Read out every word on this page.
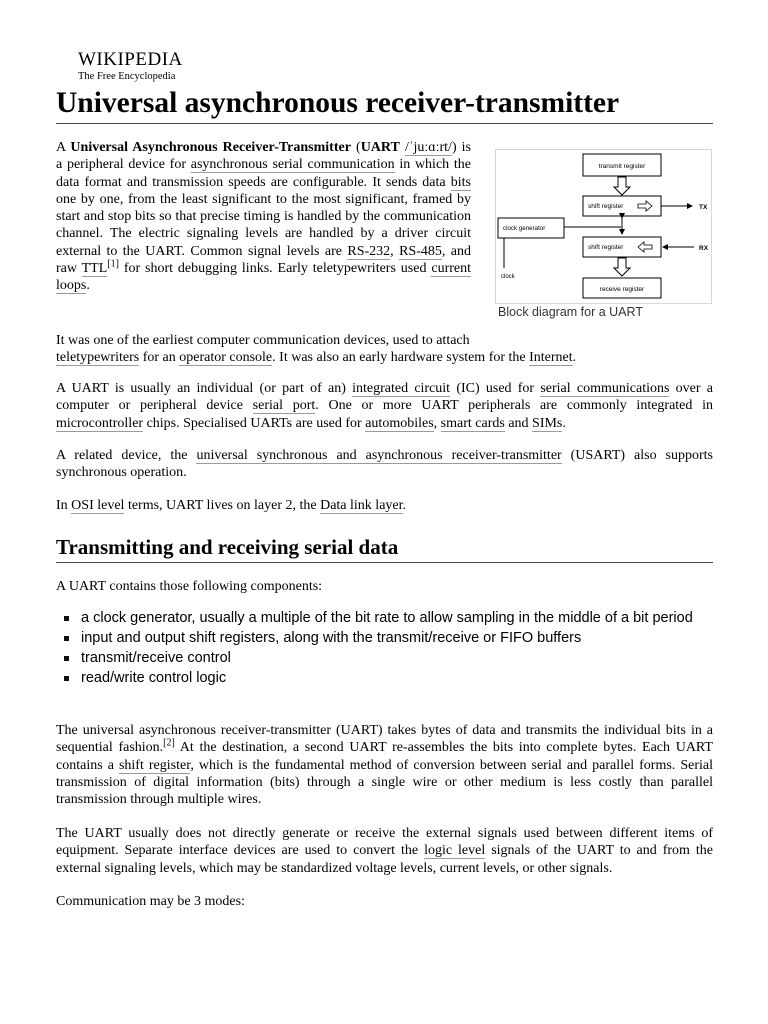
WIKIPEDIA
The Free Encyclopedia
Universal asynchronous receiver-transmitter

A Universal Asynchronous Receiver-Transmitter (UART /ˈjuːɑːrt/) is a peripheral device for asynchronous serial communication in which the data format and transmission speeds are configurable. It sends data bits one by one, from the least significant to the most significant, framed by start and stop bits so that precise timing is handled by the communication channel. The electric signaling levels are handled by a driver circuit external to the UART. Common signal levels are RS-232, RS-485, and raw TTL[1] for short debugging links. Early teletypewriters used current loops.

transmit register
shift register	TX
clock generator
clock
shift register	RX
receive register
Block diagram for a UART

It was one of the earliest computer communication devices, used to attach
teletypewriters for an operator console. It was also an early hardware system for the Internet.

A UART is usually an individual (or part of an) integrated circuit (IC) used for serial communications over a computer or peripheral device serial port. One or more UART peripherals are commonly integrated in microcontroller chips. Specialised UARTs are used for automobiles, smart cards and SIMs.

A related device, the universal synchronous and asynchronous receiver-transmitter (USART) also supports synchronous operation.

In OSI level terms, UART lives on layer 2, the Data link layer.

Transmitting and receiving serial data

A UART contains those following components:

a clock generator, usually a multiple of the bit rate to allow sampling in the middle of a bit period
input and output shift registers, along with the transmit/receive or FIFO buffers
transmit/receive control
read/write control logic

The universal asynchronous receiver-transmitter (UART) takes bytes of data and transmits the individual bits in a sequential fashion.[2] At the destination, a second UART re-assembles the bits into complete bytes. Each UART contains a shift register, which is the fundamental method of conversion between serial and parallel forms. Serial transmission of digital information (bits) through a single wire or other medium is less costly than parallel transmission through multiple wires.

The UART usually does not directly generate or receive the external signals used between different items of equipment. Separate interface devices are used to convert the logic level signals of the UART to and from the external signaling levels, which may be standardized voltage levels, current levels, or other signals.

Communication may be 3 modes:
